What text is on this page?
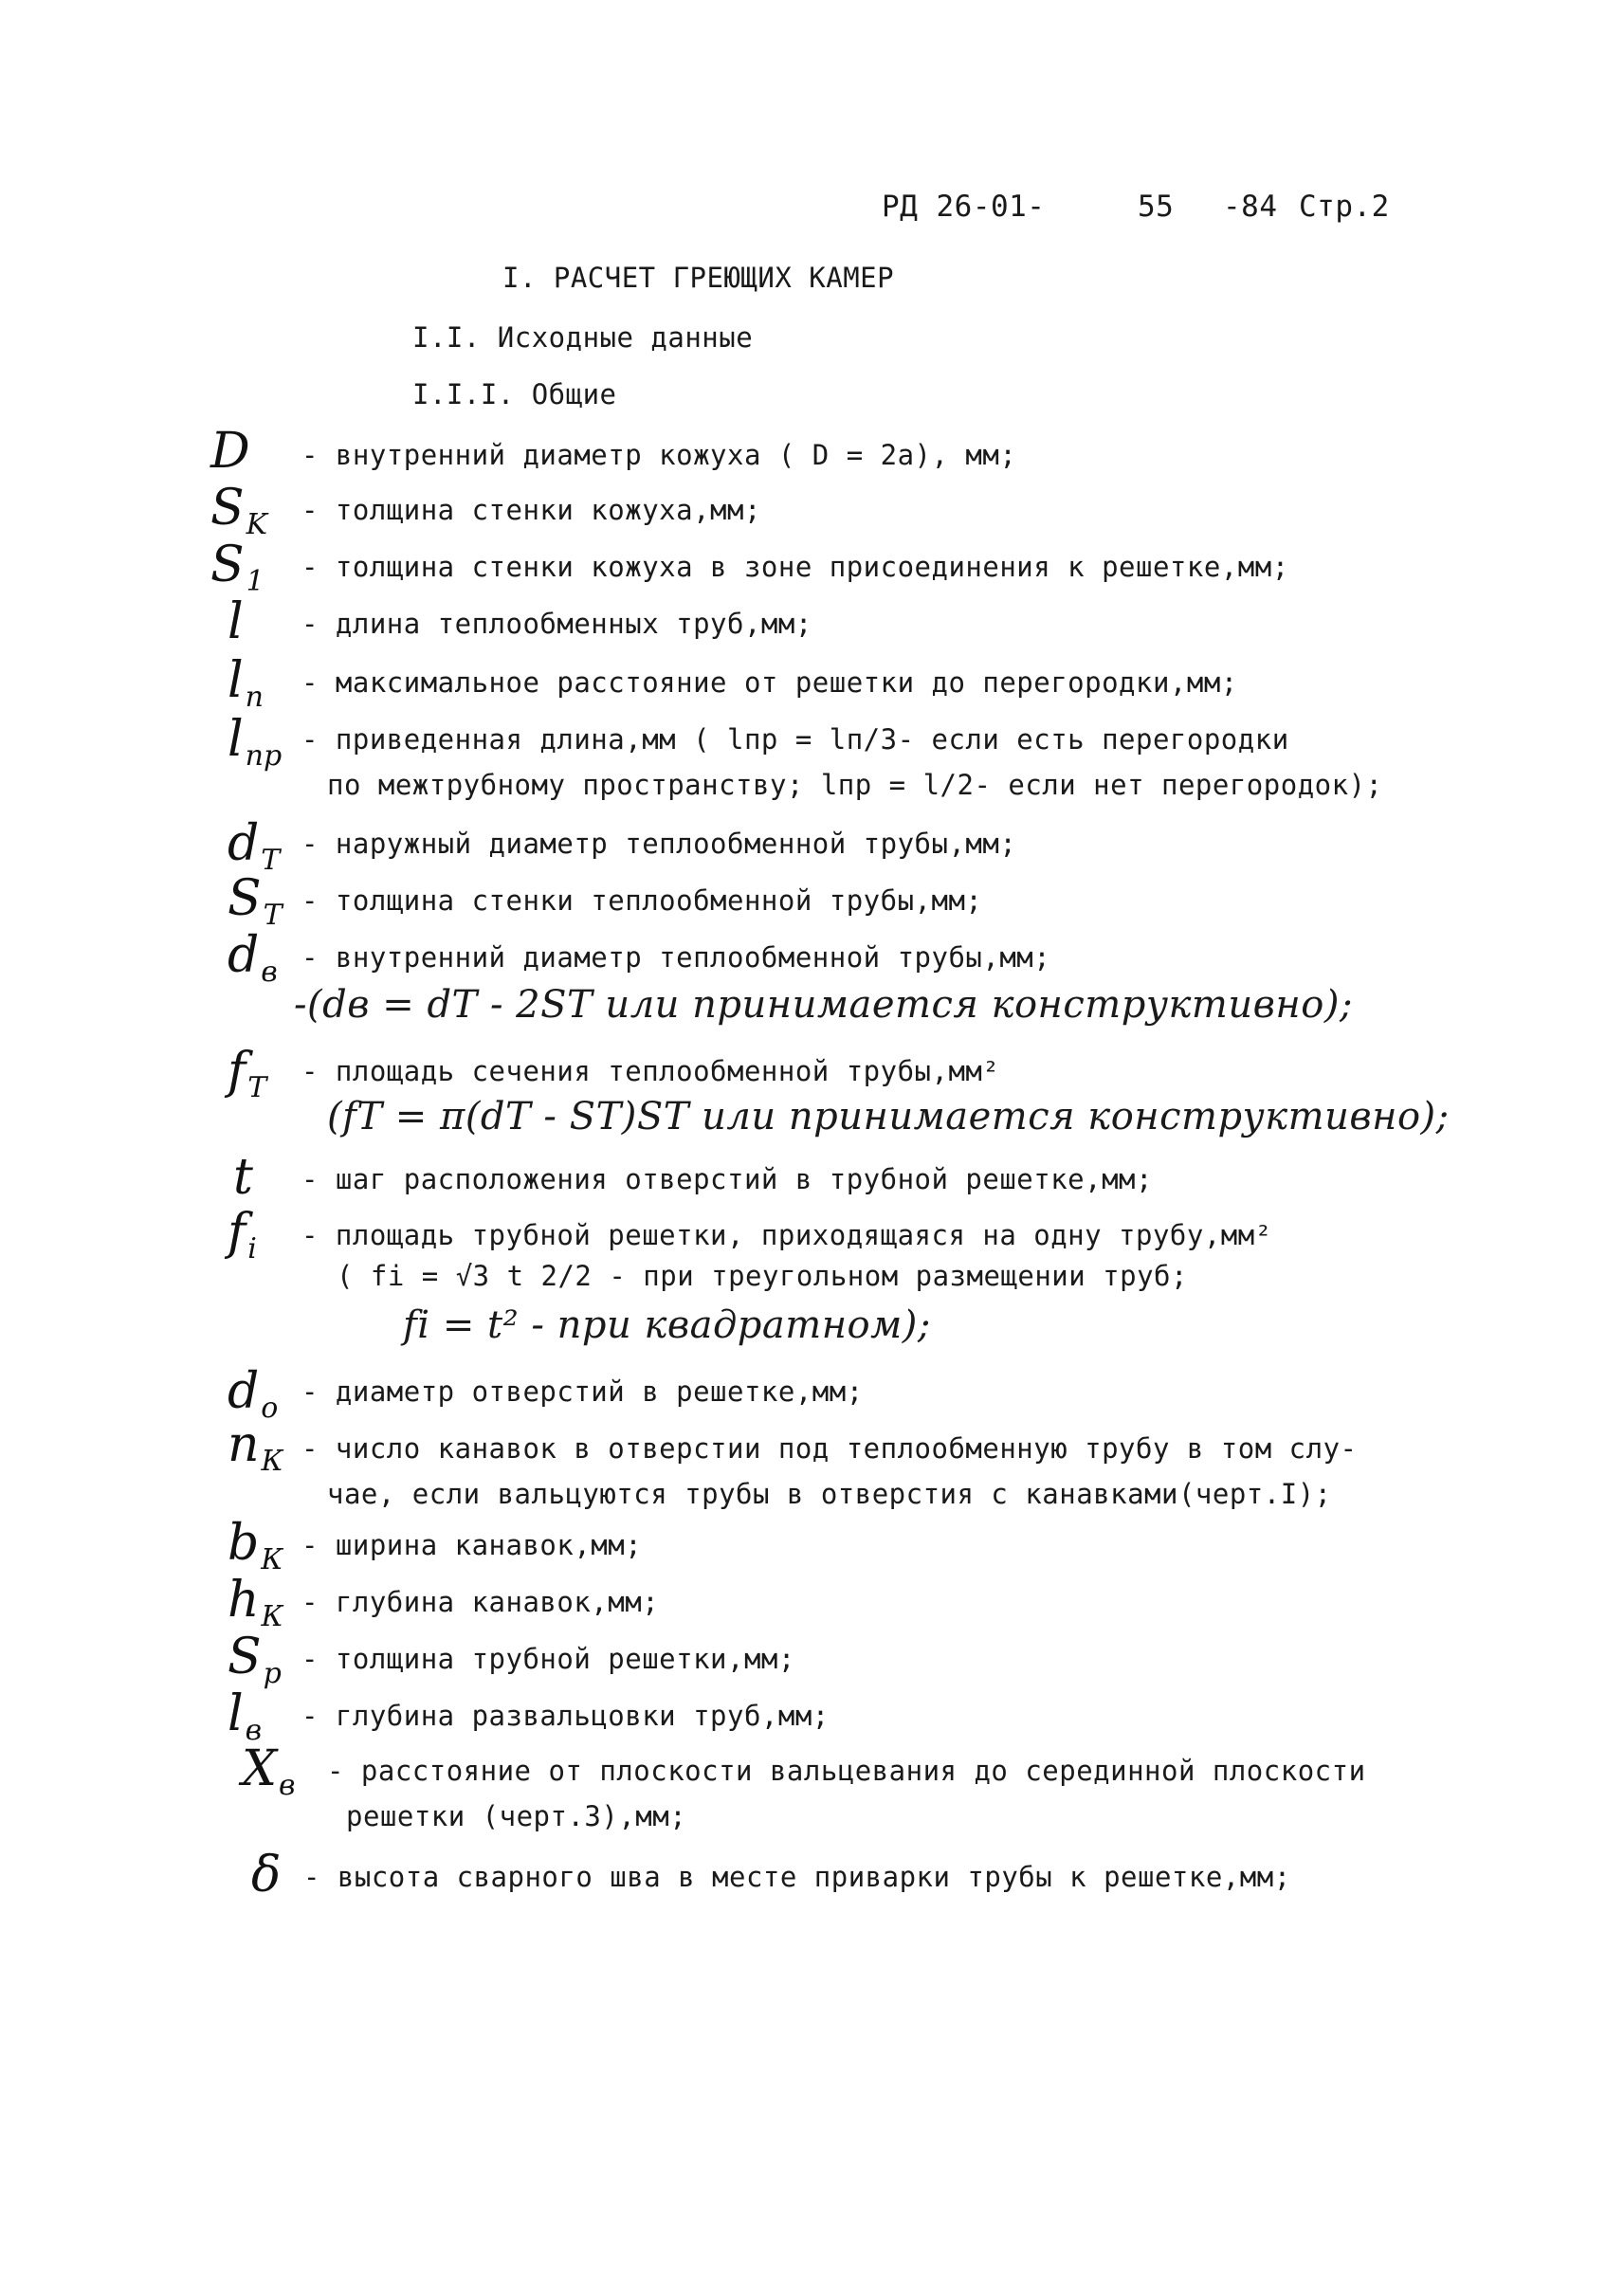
РД 26-01-	55 -84 Стр.2
I. РАСЧЕТ ГРЕЮЩИХ КАМЕР
I.I. Исходные данные
I.I.I. Общие
D - внутренний диаметр кожуха ( D = 2а), мм;
$S_K$ - толщина стенки кожуха,мм;
$S_1$ - толщина стенки кожуха в зоне присоединения к решетке,мм;
l - длина теплообменных труб,мм;
$l_п$ - максимальное расстояние от решетки до перегородки,мм;
$l_{пр}$ - приведенная длина,мм ( lпр = lп/3- если есть перегородки
по межтрубному пространству; lпр = l/2- если нет перегородок);
$d_Т$ - наружный диаметр теплообменной трубы,мм;
$S_Т$ - толщина стенки теплообменной трубы,мм;
$d_в$ - внутренний диаметр теплообменной трубы,мм;
-(dв = dТ - 2SТ или принимается конструктивно);
$f_Т$ - площадь сечения теплообменной трубы,мм²
(fТ = π(dТ - SТ)SТ или принимается конструктивно);
t - шаг расположения отверстий в трубной решетке,мм;
$f_i$ - площадь трубной решетки, приходящаяся на одну трубу,мм²
( fi = √3 t 2/2 - при треугольном размещении труб;
fi = t² - при квадратном);
$d_о$ - диаметр отверстий в решетке,мм;
$n_К$ - число канавок в отверстии под теплообменную трубу в том слу-
чае, если вальцуются трубы в отверстия с канавками(черт.I);
$b_К$ - ширина канавок,мм;
$h_К$ - глубина канавок,мм;
$S_р$ - толщина трубной решетки,мм;
$l_в$ - глубина развальцовки труб,мм;
$X_в$ - расстояние от плоскости вальцевания до серединной плоскости
решетки (черт.3),мм;
δ - высота сварного шва в месте приварки трубы к решетке,мм;
